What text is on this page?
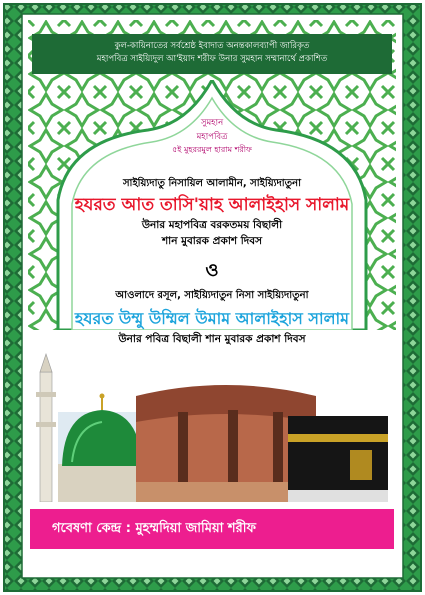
কুল-কায়িনাতের সর্বশ্রেষ্ঠ ইবাদাত অনন্তকালব্যাপী জারিকৃত
মহাপবিত্র সাইয়্যিদুল আ'ইয়াদ শরীফ উনার সুমহান সম্মানার্থে প্রকাশিত
সুমহান
মহাপবিত্র
৫ই মুহররমুল হারাম শরীফ
সাইয়্যিদাতু নিসায়িল আলামীন, সাইয়্যিদাতুনা
হযরত আত তাসি'য়াহ আলাইহাস সালাম
উনার মহাপবিত্র বরকতময় বিছালী
শান মুবারক প্রকাশ দিবস
ও
আওলাদে রসূল, সাইয়্যিদাতুন নিসা সাইয়্যিদাতুনা
হযরত উম্মু উম্মিল উমাম আলাইহাস সালাম
উনার পবিত্র বিছালী শান মুবারক প্রকাশ দিবস
গবেষণা কেন্দ্র : মুহম্মদিয়া জামিয়া শরীফ
